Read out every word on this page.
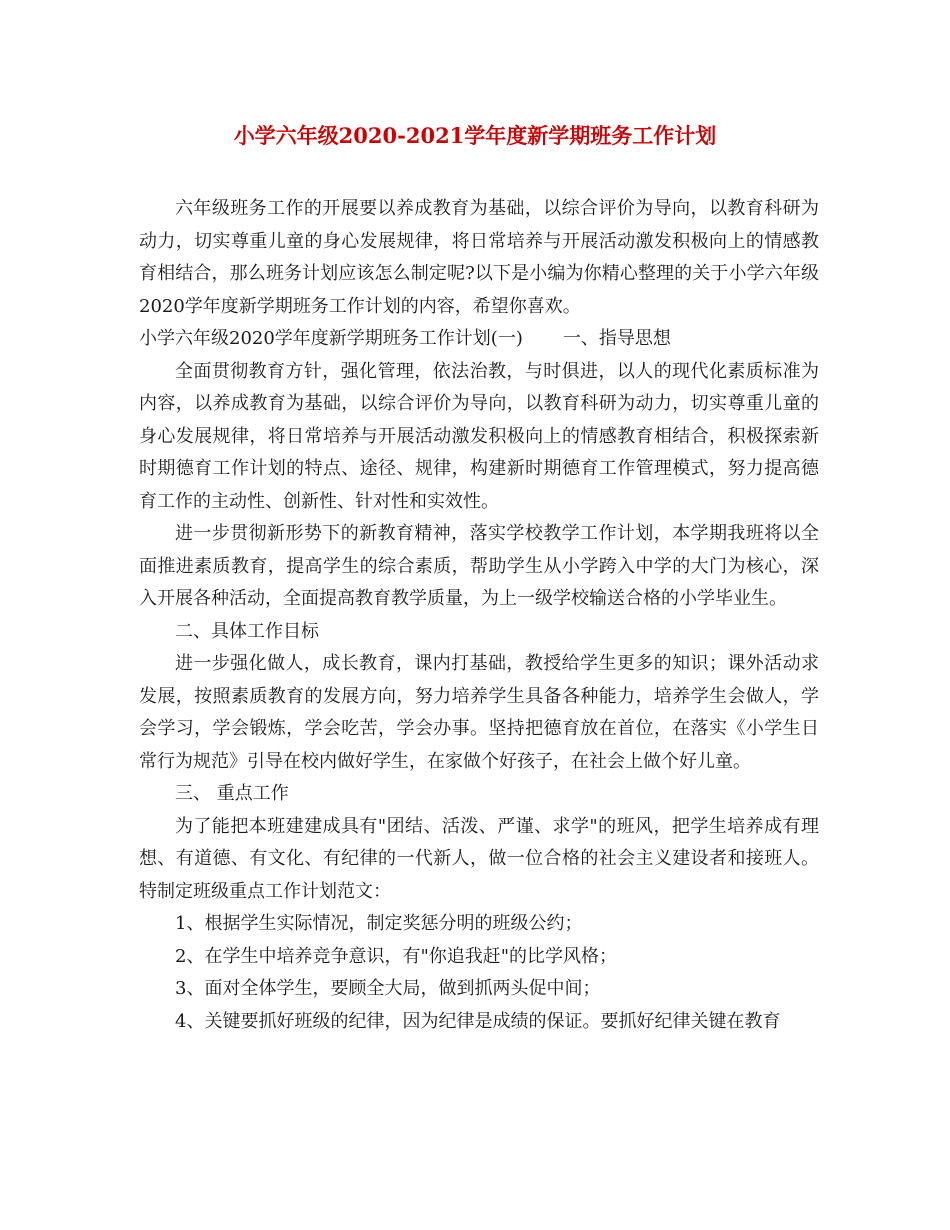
小学六年级2020-2021学年度新学期班务工作计划

六年级班务工作的开展要以养成教育为基础，以综合评价为导向，以教育科研为动力，切实尊重儿童的身心发展规律，将日常培养与开展活动激发积极向上的情感教育相结合，那么班务计划应该怎么制定呢?以下是小编为你精心整理的关于小学六年级2020学年度新学期班务工作计划的内容，希望你喜欢。

小学六年级2020学年度新学期班务工作计划(一) 一、指导思想

全面贯彻教育方针，强化管理，依法治教，与时俱进，以人的现代化素质标准为内容，以养成教育为基础，以综合评价为导向，以教育科研为动力，切实尊重儿童的身心发展规律，将日常培养与开展活动激发积极向上的情感教育相结合，积极探索新时期德育工作计划的特点、途径、规律，构建新时期德育工作管理模式，努力提高德育工作的主动性、创新性、针对性和实效性。

进一步贯彻新形势下的新教育精神，落实学校教学工作计划，本学期我班将以全面推进素质教育，提高学生的综合素质，帮助学生从小学跨入中学的大门为核心，深入开展各种活动，全面提高教育教学质量，为上一级学校输送合格的小学毕业生。

二、具体工作目标

进一步强化做人，成长教育，课内打基础，教授给学生更多的知识；课外活动求发展，按照素质教育的发展方向，努力培养学生具备各种能力，培养学生会做人，学会学习，学会锻炼，学会吃苦，学会办事。坚持把德育放在首位，在落实《小学生日常行为规范》引导在校内做好学生，在家做个好孩子，在社会上做个好儿童。

三、 重点工作

为了能把本班建建成具有"团结、活泼、严谨、求学"的班风，把学生培养成有理想、有道德、有文化、有纪律的一代新人，做一位合格的社会主义建设者和接班人。特制定班级重点工作计划范文：

1、根据学生实际情况，制定奖惩分明的班级公约；

2、在学生中培养竞争意识，有"你追我赶"的比学风格；

3、面对全体学生，要顾全大局，做到抓两头促中间；

4、关键要抓好班级的纪律，因为纪律是成绩的保证。要抓好纪律关键在教育
